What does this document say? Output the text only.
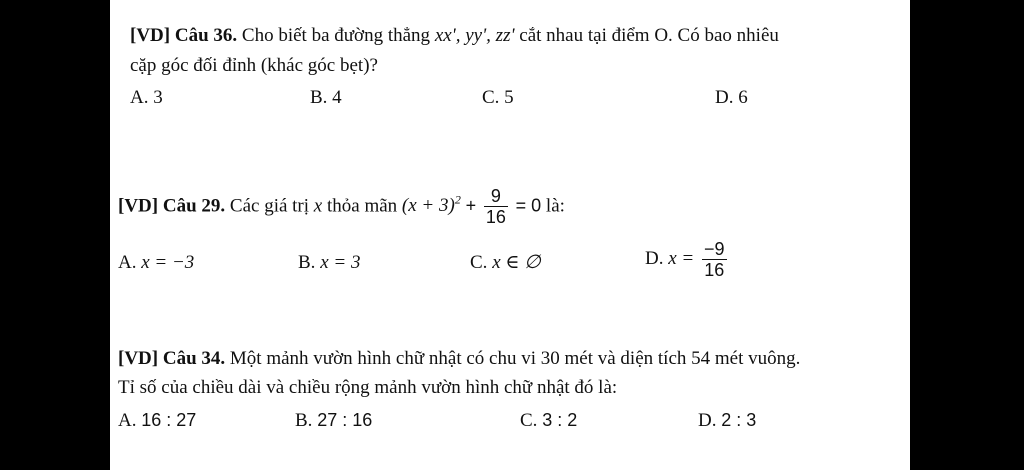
[VD] Câu 36. Cho biết ba đường thẳng xx', yy', zz' cắt nhau tại điểm O. Có bao nhiêu
cặp góc đối đỉnh (khác góc bẹt)?
A. 3	B. 4	C. 5	D. 6
[VD] Câu 29. Các giá trị x thỏa mãn $(x + 3)^2 + \frac{9}{16} = 0$ là:
A. x = −3	B. x = 3	C. x ∈ ∅	D. $x = \frac{-9}{16}$
[VD] Câu 34. Một mảnh vườn hình chữ nhật có chu vi 30 mét và diện tích 54 mét vuông.
Tỉ số của chiều dài và chiều rộng mảnh vườn hình chữ nhật đó là:
A. 16 : 27	B. 27 : 16	C. 3 : 2	D. 2 : 3
